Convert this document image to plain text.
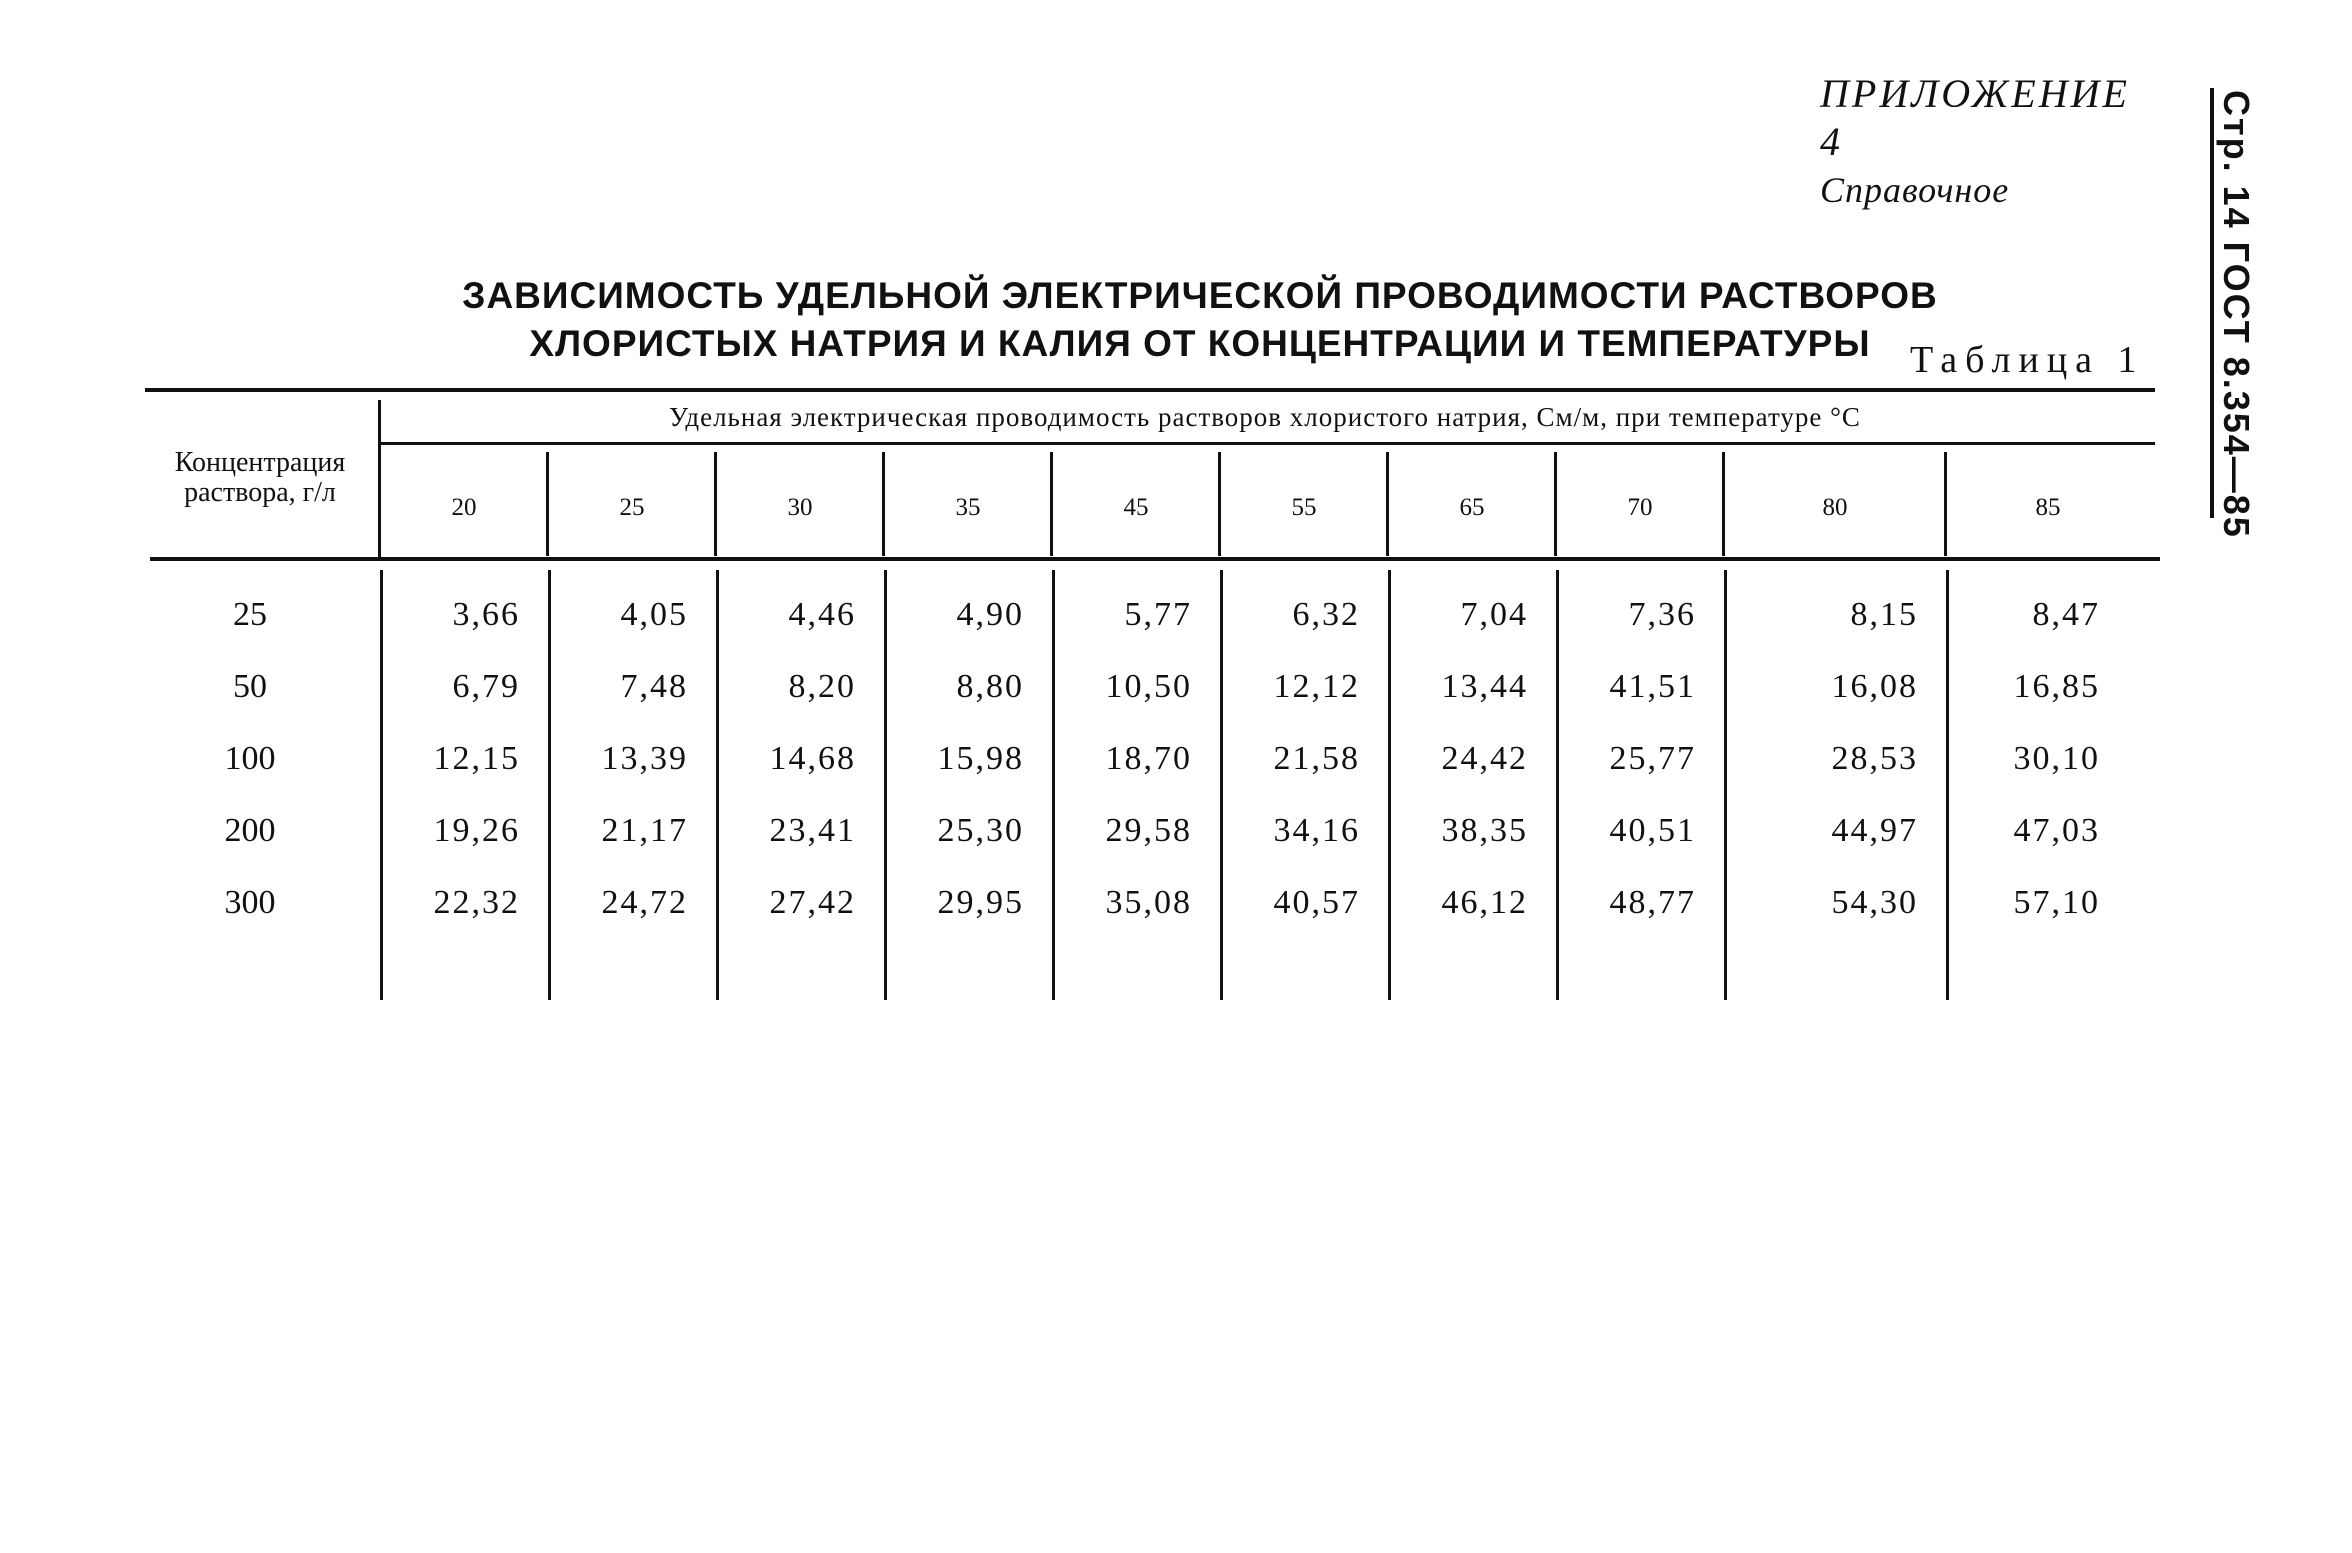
ПРИЛОЖЕНИЕ 4
Справочное	Стр. 14 ГОСТ 8.354—85
ЗАВИСИМОСТЬ УДЕЛЬНОЙ ЭЛЕКТРИЧЕСКОЙ ПРОВОДИМОСТИ РАСТВОРОВ
ХЛОРИСТЫХ НАТРИЯ И КАЛИЯ ОТ КОНЦЕНТРАЦИИ И ТЕМПЕРАТУРЫ	Таблица 1
Концентрация раствора, г/л
Удельная электрическая проводимость растворов хлористого натрия, См/м, при температуре °С
20	25	30	35	45	55	65	70	80	85
25	3,66	4,05	4,46	4,90	5,77	6,32	7,04	7,36	8,15	8,47
50	6,79	7,48	8,20	8,80	10,50	12,12	13,44	41,51	16,08	16,85
100	12,15	13,39	14,68	15,98	18,70	21,58	24,42	25,77	28,53	30,10
200	19,26	21,17	23,41	25,30	29,58	34,16	38,35	40,51	44,97	47,03
300	22,32	24,72	27,42	29,95	35,08	40,57	46,12	48,77	54,30	57,10
